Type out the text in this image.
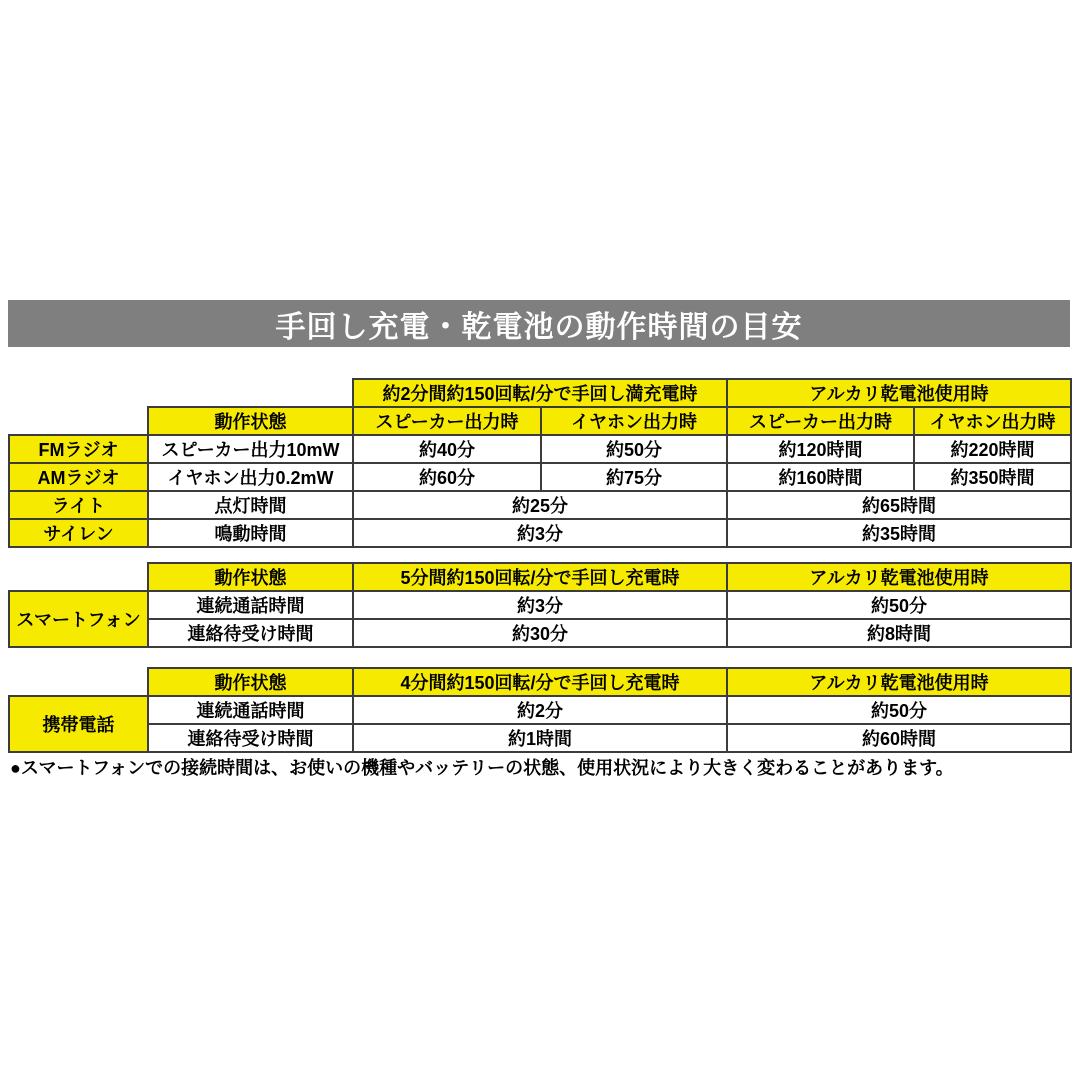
手回し充電・乾電池の動作時間の目安
		約2分間約150回転/分で手回し満充電時		アルカリ乾電池使用時	
	動作状態	スピーカー出力時	イヤホン出力時	スピーカー出力時	イヤホン出力時
FMラジオ	スピーカー出力10mW	約40分	約50分	約120時間	約220時間
AMラジオ	イヤホン出力0.2mW	約60分	約75分	約160時間	約350時間
ライト	点灯時間	約25分		約65時間	
サイレン	鳴動時間	約3分		約35時間	
	動作状態	5分間約150回転/分で手回し充電時	アルカリ乾電池使用時
スマートフォン	連続通話時間	約3分	約50分
	連絡待受け時間	約30分	約8時間
	動作状態	4分間約150回転/分で手回し充電時	アルカリ乾電池使用時
携帯電話	連続通話時間	約2分	約50分
	連絡待受け時間	約1時間	約60時間
●スマートフォンでの接続時間は、お使いの機種やバッテリーの状態、使用状況により大きく変わることがあります。
